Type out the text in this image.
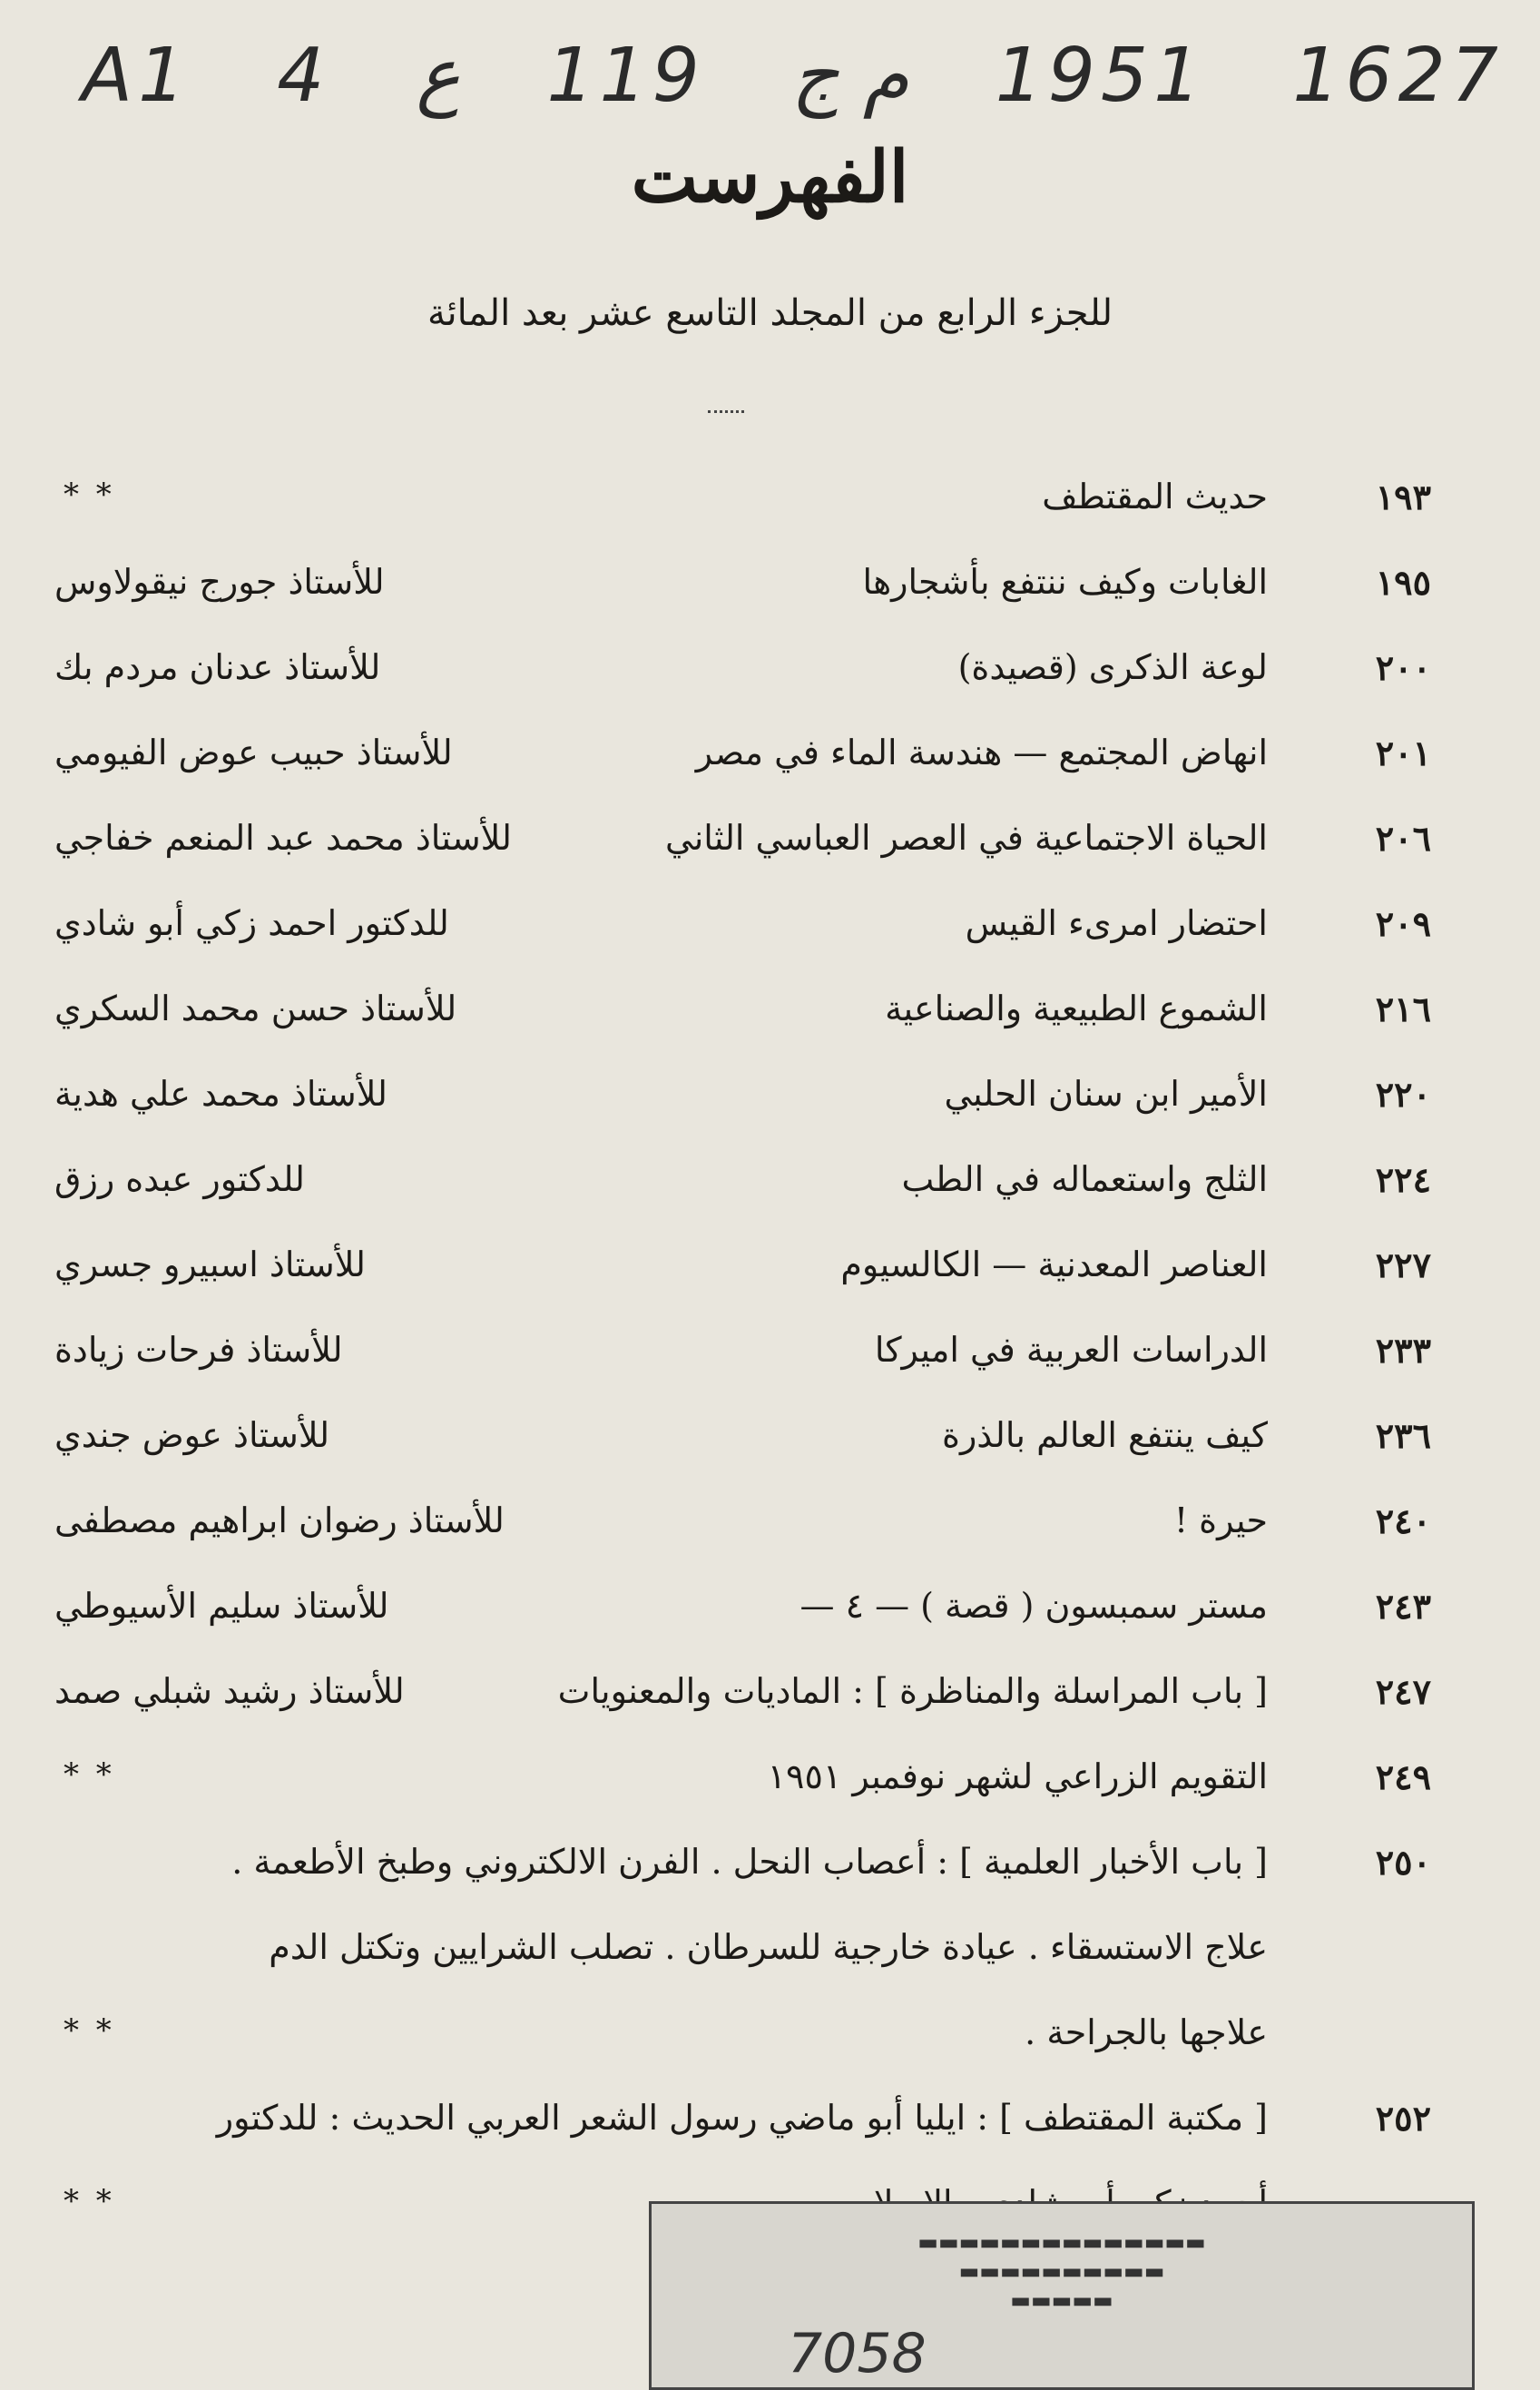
A1 4 ع 119 م ج 1951 1627
الفهرست
للجزء الرابع من المجلد التاسع عشر بعد المائة
١٩٣
حديث المقتطف
* *
١٩٥
الغابات وكيف ننتفع بأشجارها
للأستاذ جورج نيقولاوس
٢٠٠
لوعة الذكرى (قصيدة)
للأستاذ عدنان مردم بك
٢٠١
انهاض المجتمع — هندسة الماء في مصر
للأستاذ حبيب عوض الفيومي
٢٠٦
الحياة الاجتماعية في العصر العباسي الثاني
للأستاذ محمد عبد المنعم خفاجي
٢٠٩
احتضار امرىء القيس
للدكتور احمد زكي أبو شادي
٢١٦
الشموع الطبيعية والصناعية
للأستاذ حسن محمد السكري
٢٢٠
الأمير ابن سنان الحلبي
للأستاذ محمد علي هدية
٢٢٤
الثلج واستعماله في الطب
للدكتور عبده رزق
٢٢٧
العناصر المعدنية — الكالسيوم
للأستاذ اسبيرو جسري
٢٣٣
الدراسات العربية في اميركا
للأستاذ فرحات زيادة
٢٣٦
كيف ينتفع العالم بالذرة
للأستاذ عوض جندي
٢٤٠
حيرة !
للأستاذ رضوان ابراهيم مصطفى
٢٤٣
مستر سمبسون ( قصة ) — ٤ —
للأستاذ سليم الأسيوطي
٢٤٧
[ باب المراسلة والمناظرة ] : الماديات والمعنويات
للأستاذ رشيد شبلي صمد
٢٤٩
التقويم الزراعي لشهر نوفمبر ١٩٥١
* *
٢٥٠
[ باب الأخبار العلمية ] : أعصاب النحل . الفرن الالكتروني وطبخ الأطعمة .
علاج الاستسقاء . عيادة خارجية للسرطان . تصلب الشرايين وتكتل الدم
علاجها بالجراحة .
* *
٢٥٢
[ مكتبة المقتطف ] : ايليا أبو ماضي رسول الشعر العربي الحديث : للدكتور
* *
▬▬▬▬▬▬▬▬▬▬▬▬▬▬
▬▬▬▬▬▬▬▬▬▬
▬▬▬▬▬
7058
